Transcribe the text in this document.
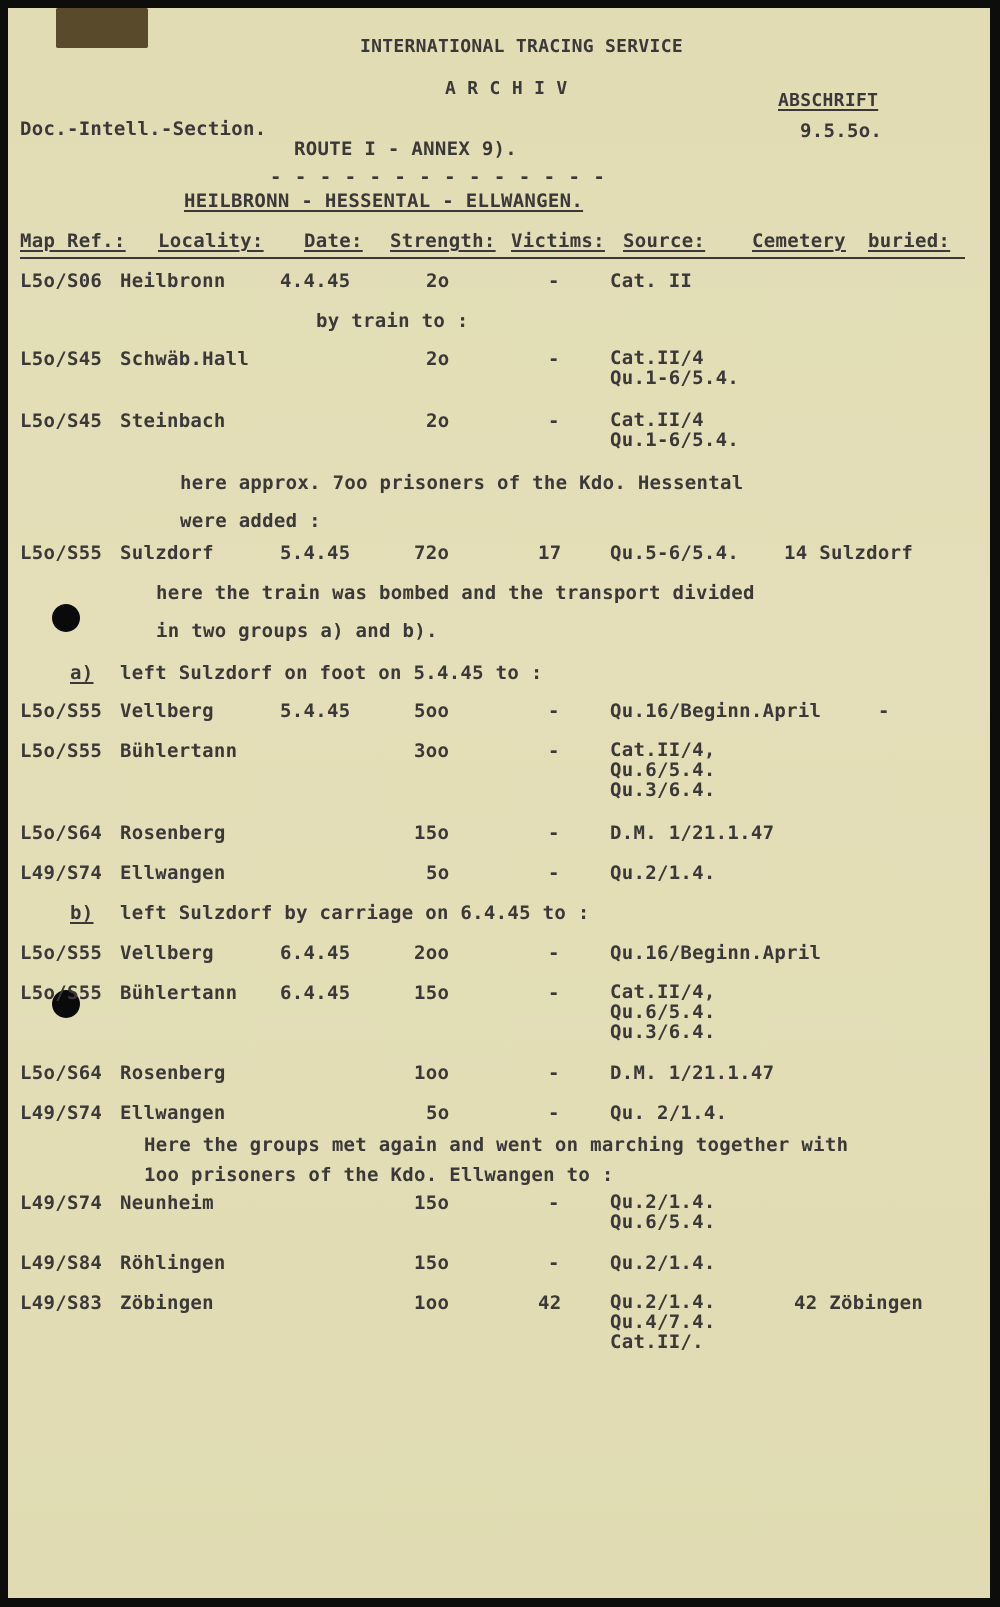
INTERNATIONAL TRACING SERVICE
A R C H I V
ABSCHRIFT
9.5.5o.
Doc.-Intell.-Section.
ROUTE I - ANNEX 9).
- - - - - - - - - - - - - -
HEILBRONN - HESSENTAL - ELLWANGEN.
Map Ref.: Locality: Date: Strength: Victims: Source: Cemetery buried:
L5o/S06 Heilbronn	4.4.45	2o	-	Cat. II
by train to :
L5o/S45 Schwäb.Hall	2o	-	Cat.II/4
Qu.1-6/5.4.
L5o/S45 Steinbach	2o	-	Cat.II/4
Qu.1-6/5.4.
here approx. 7oo prisoners of the Kdo. Hessental
were added :
L5o/S55 Sulzdorf	5.4.45	72o	17	Qu.5-6/5.4. 14 Sulzdorf
here the train was bombed and the transport divided
in two groups a) and b).
a) left Sulzdorf on foot on 5.4.45 to :
L5o/S55 Vellberg	5.4.45	5oo	-	Qu.16/Beginn.April	-
L5o/S55 Bühlertann	3oo	-	Cat.II/4,
Qu.6/5.4.
Qu.3/6.4.
L5o/S64 Rosenberg	15o	-	D.M. 1/21.1.47
L49/S74 Ellwangen	5o	-	Qu.2/1.4.
b) left Sulzdorf by carriage on 6.4.45 to :
L5o/S55 Vellberg	6.4.45	2oo	-	Qu.16/Beginn.April
L5o/S55 Bühlertann 6.4.45	15o	-	Cat.II/4,
Qu.6/5.4.
Qu.3/6.4.
L5o/S64 Rosenberg	1oo	-	D.M. 1/21.1.47
L49/S74 Ellwangen	5o	-	Qu. 2/1.4.
Here the groups met again and went on marching together with
1oo prisoners of the Kdo. Ellwangen to :
L49/S74 Neunheim	15o	-	Qu.2/1.4.
Qu.6/5.4.
L49/S84 Röhlingen	15o	-	Qu.2/1.4.
L49/S83 Zöbingen	1oo	42	Qu.2/1.4.
Qu.4/7.4.
Cat.II/.
42 Zöbingen
